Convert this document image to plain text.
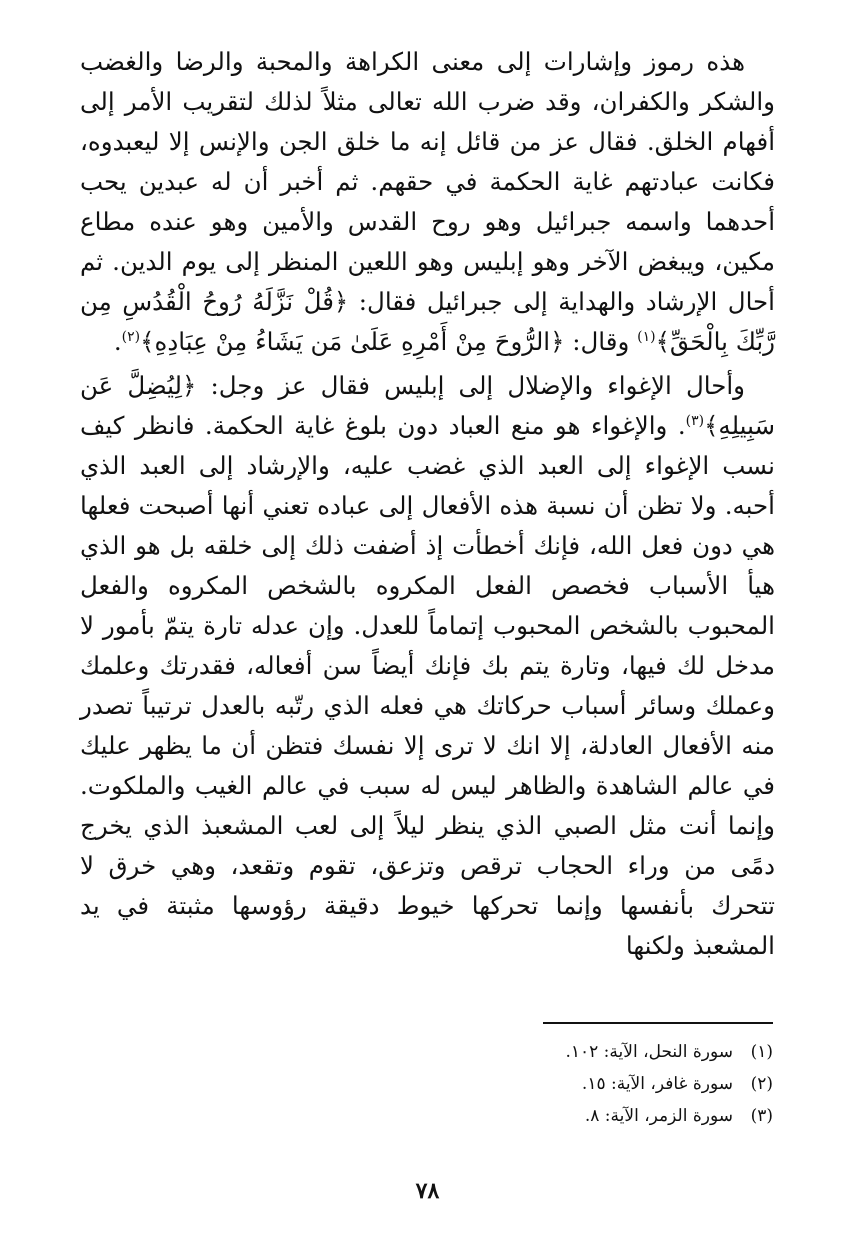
هذه رموز وإشارات إلى معنى الكراهة والمحبة والرضا والغضب والشكر والكفران، وقد ضرب الله تعالى مثلاً لذلك لتقريب الأمر إلى أفهام الخلق. فقال عز من قائل إنه ما خلق الجن والإنس إلا ليعبدوه، فكانت عبادتهم غاية الحكمة في حقهم. ثم أخبر أن له عبدين يحب أحدهما واسمه جبرائيل وهو روح القدس والأمين وهو عنده مطاع مكين، ويبغض الآخر وهو إبليس وهو اللعين المنظر إلى يوم الدين. ثم أحال الإرشاد والهداية إلى جبرائيل فقال: ﴿قُلْ نَزَّلَهُ رُوحُ الْقُدُسِ مِن رَّبِّكَ بِالْحَقِّ﴾$^{(١)}$ وقال: ﴿الرُّوحَ مِنْ أَمْرِهِ عَلَىٰ مَن يَشَاءُ مِنْ عِبَادِهِ﴾$^{(٢)}$.

وأحال الإغواء والإضلال إلى إبليس فقال عز وجل: ﴿لِيُضِلَّ عَن سَبِيلِهِ﴾$^{(٣)}$. والإغواء هو منع العباد دون بلوغ غاية الحكمة. فانظر كيف نسب الإغواء إلى العبد الذي غضب عليه، والإرشاد إلى العبد الذي أحبه. ولا تظن أن نسبة هذه الأفعال إلى عباده تعني أنها أصبحت فعلها هي دون فعل الله، فإنك أخطأت إذ أضفت ذلك إلى خلقه بل هو الذي هيأ الأسباب فخصص الفعل المكروه بالشخص المكروه والفعل المحبوب بالشخص المحبوب إتماماً للعدل. وإن عدله تارة يتمّ بأمور لا مدخل لك فيها، وتارة يتم بك فإنك أيضاً سن أفعاله، فقدرتك وعلمك وعملك وسائر أسباب حركاتك هي فعله الذي رتّبه بالعدل ترتيباً تصدر منه الأفعال العادلة، إلا انك لا ترى إلا نفسك فتظن أن ما يظهر عليك في عالم الشاهدة والظاهر ليس له سبب في عالم الغيب والملكوت. وإنما أنت مثل الصبي الذي ينظر ليلاً إلى لعب المشعبذ الذي يخرج دمًى من وراء الحجاب ترقص وتزعق، تقوم وتقعد، وهي خرق لا تتحرك بأنفسها وإنما تحركها خيوط دقيقة رؤوسها مثبتة في يد المشعبذ ولكنها

(١)سورة النحل، الآية: ١٠٢.
(٢)سورة غافر، الآية: ١٥.
(٣)سورة الزمر، الآية: ٨.
٧٨
